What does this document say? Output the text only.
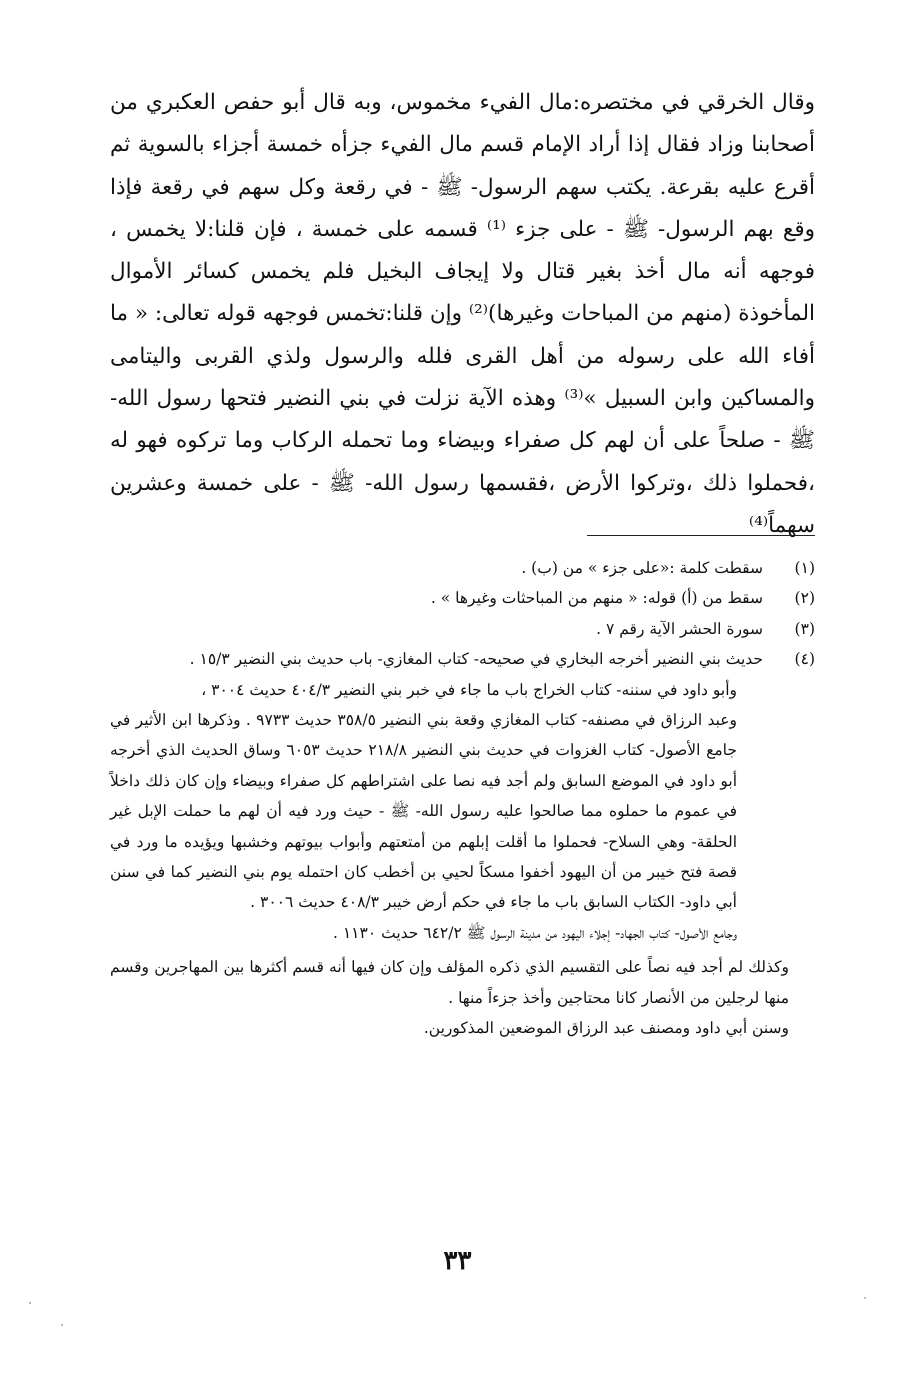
وقال الخرقي في مختصره:مال الفيء مخموس، وبه قال أبو حفص العكبري من أصحابنا وزاد فقال إذا أراد الإمام قسم مال الفيء جزأه خمسة أجزاء بالسوية ثم أقرع عليه بقرعة. يكتب سهم الرسول- ﷺ - في رقعة وكل سهم في رقعة فإذا وقع بهم الرسول- ﷺ - على جزء ⁽¹⁾ قسمه على خمسة ، فإن قلنا:لا يخمس ، فوجهه أنه مال أخذ بغير قتال ولا إيجاف البخيل فلم يخمس كسائر الأموال المأخوذة (منهم من المباحات وغيرها)⁽²⁾ وإن قلنا:تخمس فوجهه قوله تعالى: « ما أفاء الله على رسوله من أهل القرى فلله والرسول ولذي القربى واليتامى والمساكين وابن السبيل »⁽³⁾ وهذه الآية نزلت في بني النضير فتحها رسول الله- ﷺ - صلحاً على أن لهم كل صفراء وبيضاء وما تحمله الركاب وما تركوه فهو له ،فحملوا ذلك ،وتركوا الأرض ،فقسمها رسول الله- ﷺ - على خمسة وعشرين سهماً⁽⁴⁾

(١)
سقطت كلمة :«على جزء » من (ب) .
(٢)
سقط من (أ) قوله: « منهم من المباحثات وغيرها » .
(٣)
سورة الحشر الآية رقم ٧ .
(٤)
حديث بني النضير أخرجه البخاري في صحيحه- كتاب المغازي- باب حديث بني النضير ١٥/٣ .

وأبو داود في سننه- كتاب الخراج باب ما جاء في خبر بني النضير ٤٠٤/٣ حديث ٣٠٠٤ ،

وعبد الرزاق في مصنفه- كتاب المغازي وقعة بني النضير ٣٥٨/٥ حديث ٩٧٣٣ . وذكرها ابن الأثير في جامع الأصول- كتاب الغزوات في حديث بني النضير ٢١٨/٨ حديث ٦٠٥٣ وساق الحديث الذي أخرجه أبو داود في الموضع السابق ولم أجد فيه نصا على اشتراطهم كل صفراء وبيضاء وإن كان ذلك داخلاً في عموم ما حملوه مما صالحوا عليه رسول الله- ﷺ - حيث ورد فيه أن لهم ما حملت الإبل غير الحلقة- وهي السلاح- فحملوا ما أقلت إبلهم من أمتعتهم وأبواب بيوتهم وخشبها ويؤيده ما ورد في قصة فتح خيبر من أن اليهود أخفوا مسكاً لحيي بن أخطب كان احتمله يوم بني النضير كما في سنن أبي داود- الكتاب السابق باب ما جاء في حكم أرض خيبر ٤٠٨/٣ حديث ٣٠٠٦ .

وجامع الأصول- كتاب الجهاد- إجلاء اليهود من مدينة الرسول ﷺ ٦٤٢/٢ حديث ١١٣٠ .

وكذلك لم أجد فيه نصاً على التقسيم الذي ذكره المؤلف وإن كان فيها أنه قسم أكثرها بين المهاجرين وقسم منها لرجلين من الأنصار كانا محتاجين وأخذ جزءاً منها .

وسنن أبي داود ومصنف عبد الرزاق الموضعين المذكورين.

٣٣
